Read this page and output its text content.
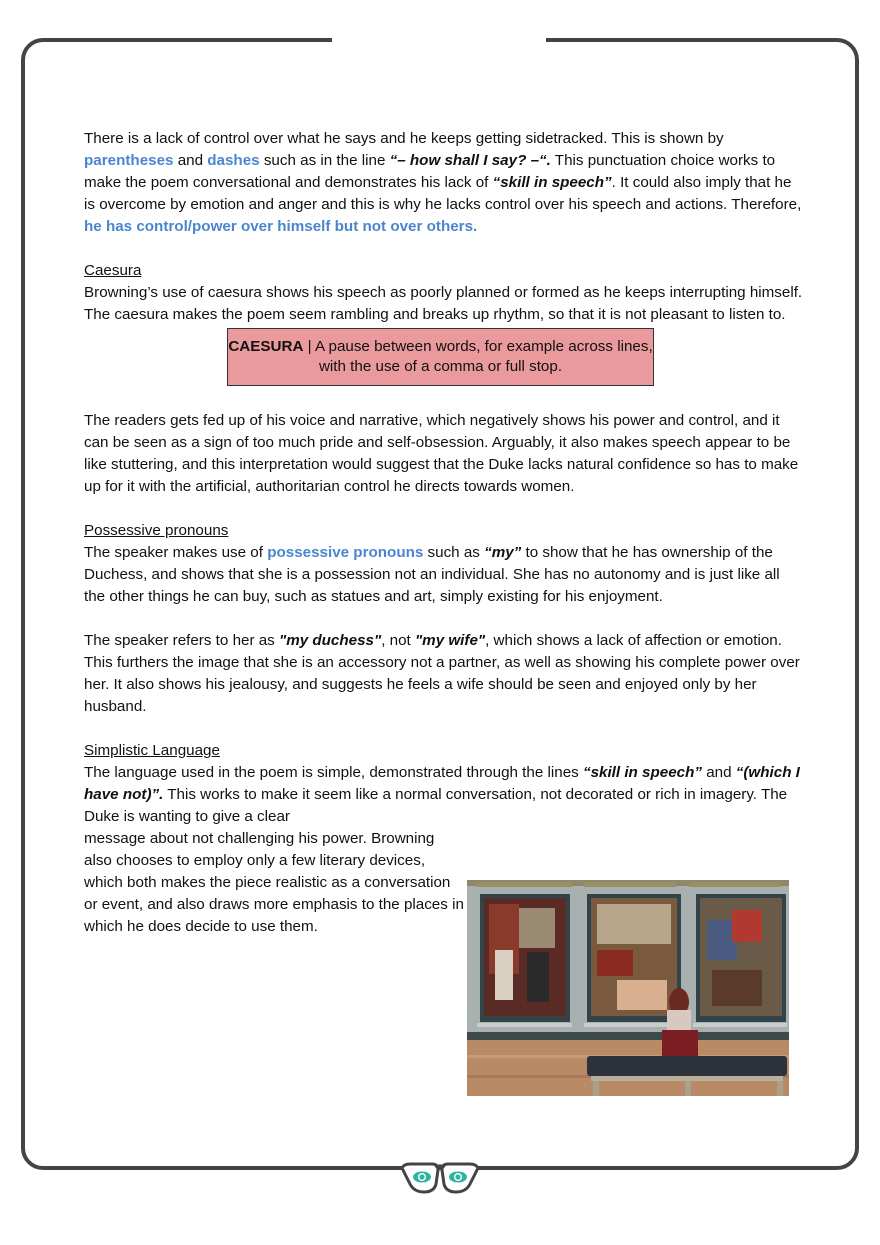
There is a lack of control over what he says and he keeps getting sidetracked. This is shown by parentheses and dashes such as in the line “– how shall I say? –“. This punctuation choice works to make the poem conversational and demonstrates his lack of “skill in speech”. It could also imply that he is overcome by emotion and anger and this is why he lacks control over his speech and actions. Therefore, he has control/power over himself but not over others.

Caesura

Browning’s use of caesura shows his speech as poorly planned or formed as he keeps interrupting himself. The caesura makes the poem seem rambling and breaks up rhythm, so that it is not pleasant to listen to.

CAESURA | A pause between words, for example across lines, with the use of a comma or full stop.

The readers gets fed up of his voice and narrative, which negatively shows his power and control, and it can be seen as a sign of too much pride and self-obsession. Arguably, it also makes speech appear to be like stuttering, and this interpretation would suggest that the Duke lacks natural confidence so has to make up for it with the artificial, authoritarian control he directs towards women.

Possessive pronouns

The speaker makes use of possessive pronouns such as “my” to show that he has ownership of the Duchess, and shows that she is a possession not an individual. She has no autonomy and is just like all the other things he can buy, such as statues and art, simply existing for his enjoyment.

The speaker refers to her as "my duchess", not "my wife", which shows a lack of affection or emotion. This furthers the image that she is an accessory not a partner, as well as showing his complete power over her. It also shows his jealousy, and suggests he feels a wife should be seen and enjoyed only by her husband.

Simplistic Language

The language used in the poem is simple, demonstrated through the lines “skill in speech” and “(which I have not)”. This works to make it seem like a normal conversation, not decorated or rich in imagery. The Duke is wanting to give a clear

message about not challenging his power. Browning also chooses to employ only a few literary devices, which both makes the piece realistic as a conversation or event, and also draws more emphasis to the places in which he does decide to use them.
